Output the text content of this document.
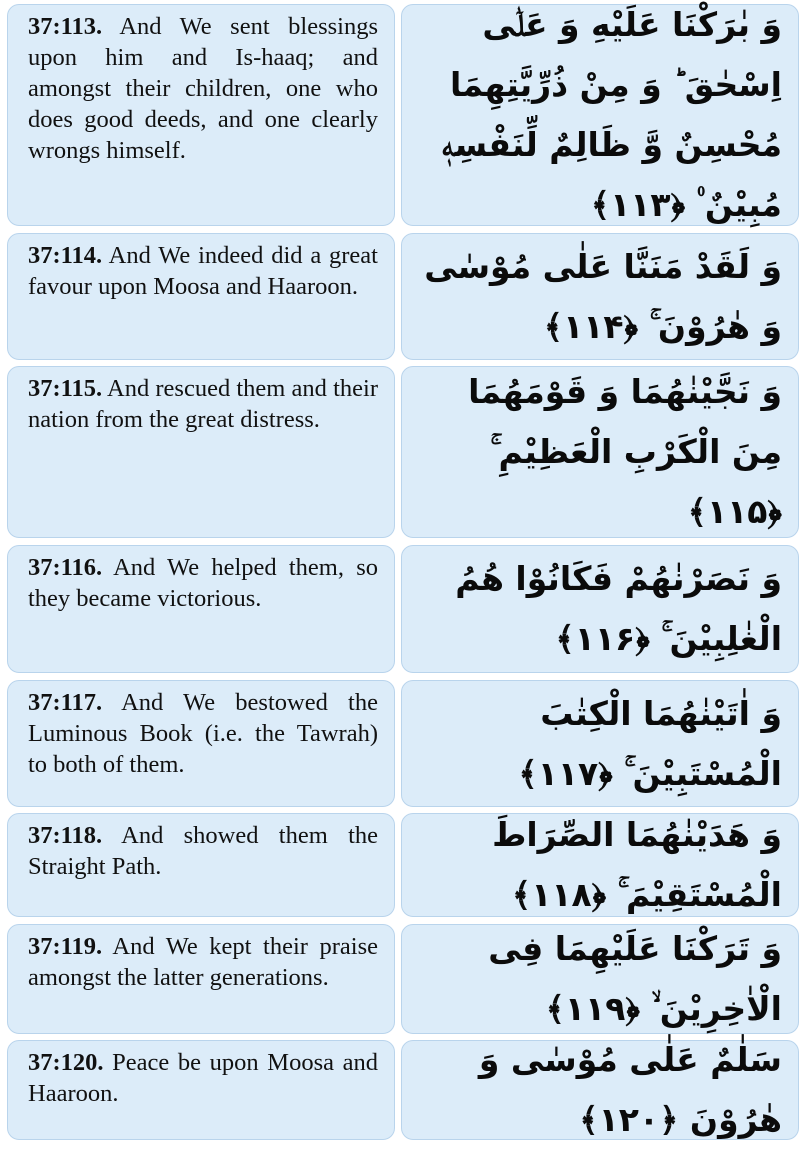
37:113. And We sent blessings upon him and Is-haaq; and amongst their children, one who does good deeds, and one clearly wrongs himself.
وَ بٰرَكْنَا عَلَيْهِ وَ عَلٰۤى اِسْحٰقَ ؕ وَ مِنْ ذُرِّيَّتِهِمَا مُحْسِنٌ وَّ ظَالِمٌ لِّنَفْسِهٖ مُبِيْنٌ ۠ ﴿۱۱۳﴾
37:114. And We indeed did a great favour upon Moosa and Haaroon.
وَ لَقَدْ مَنَنَّا عَلٰى مُوْسٰى وَ هٰرُوْنَ ۚ ﴿۱۱۴﴾
37:115. And rescued them and their nation from the great distress.
وَ نَجَّيْنٰهُمَا وَ قَوْمَهُمَا مِنَ الْكَرْبِ الْعَظِيْمِ ۚ ﴿۱۱۵﴾
37:116. And We helped them, so they became victorious.
وَ نَصَرْنٰهُمْ فَكَانُوْا هُمُ الْغٰلِبِيْنَ ۚ ﴿۱۱۶﴾
37:117. And We bestowed the Luminous Book (i.e. the Tawrah) to both of them.
وَ اٰتَيْنٰهُمَا الْكِتٰبَ الْمُسْتَبِيْنَ ۚ ﴿۱۱۷﴾
37:118. And showed them the Straight Path.
وَ هَدَيْنٰهُمَا الصِّرَاطَ الْمُسْتَقِيْمَ ۚ ﴿۱۱۸﴾
37:119. And We kept their praise amongst the latter generations.
وَ تَرَكْنَا عَلَيْهِمَا فِى الْاٰخِرِيْنَ ۙ ﴿۱۱۹﴾
37:120. Peace be upon Moosa and Haaroon.
سَلٰمٌ عَلٰى مُوْسٰى وَ هٰرُوْنَ ﴿۱۲۰﴾
